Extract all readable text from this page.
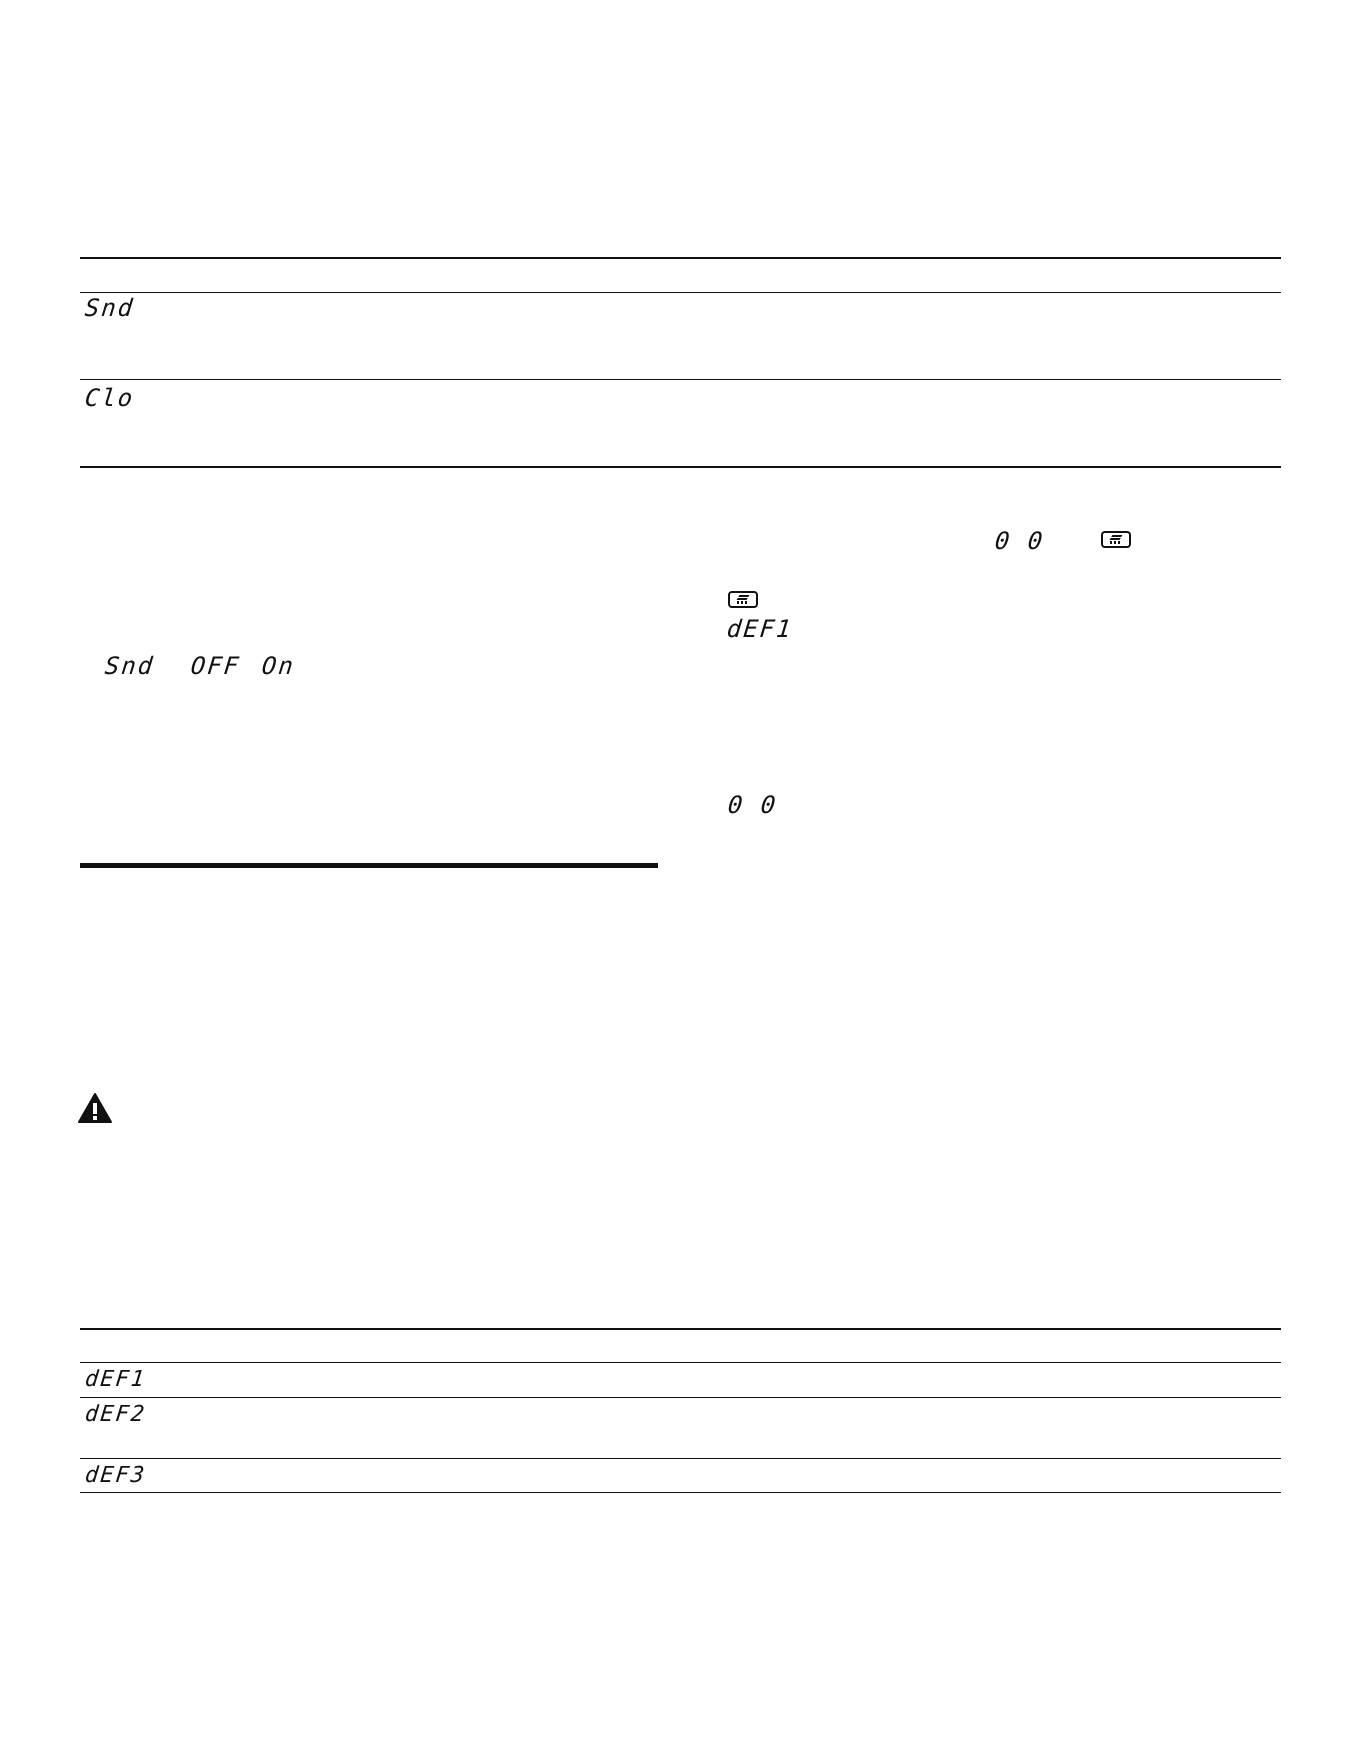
Snd
Clo
Snd OFF On
0 0
dEF1
0 0
dEF1
dEF2
dEF3
